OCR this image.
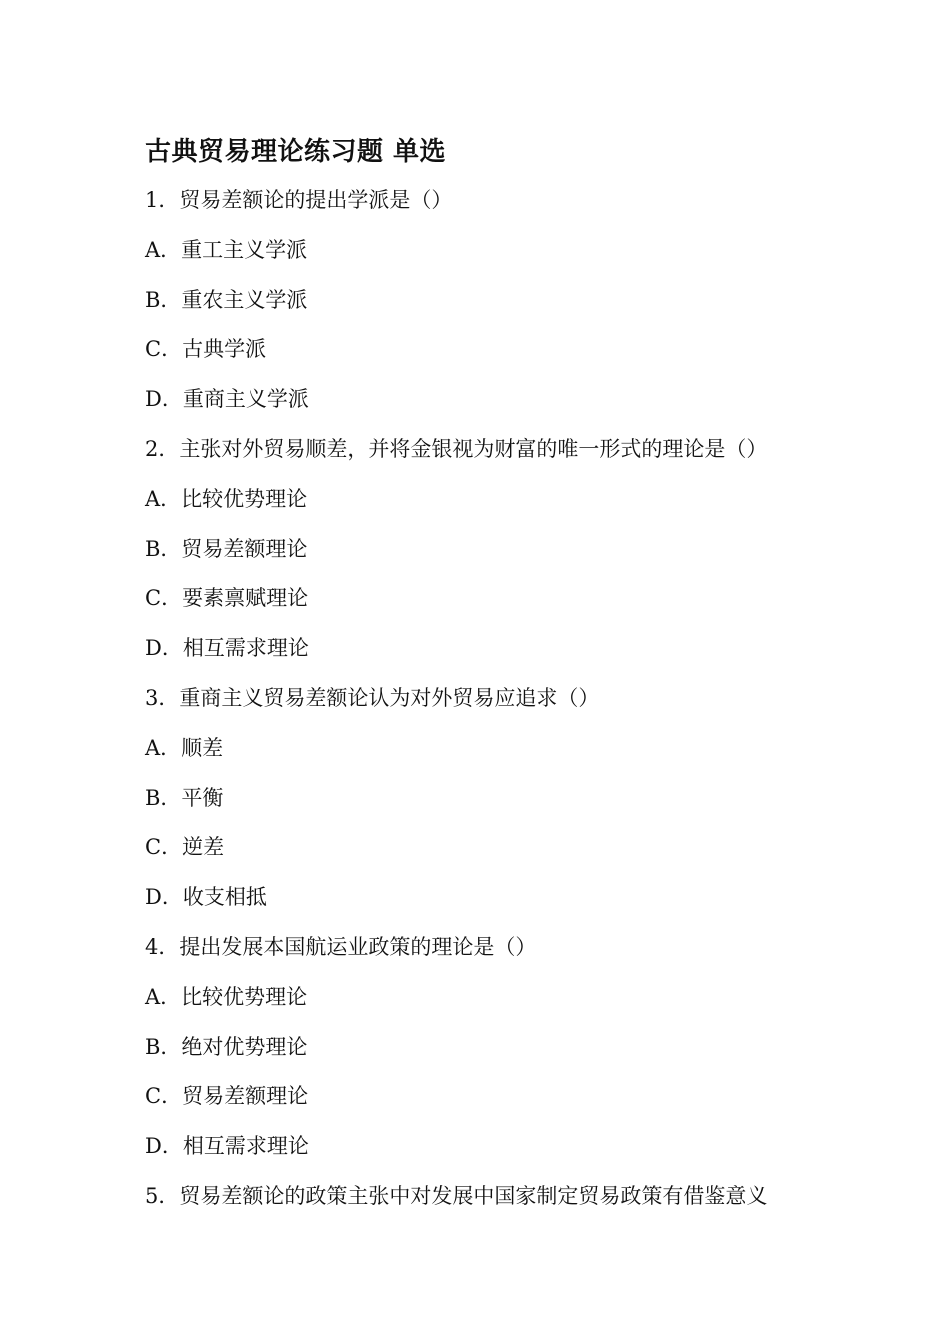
古典贸易理论练习题 单选

1．贸易差额论的提出学派是（）

A．重工主义学派

B．重农主义学派

C．古典学派

D．重商主义学派

2．主张对外贸易顺差，并将金银视为财富的唯一形式的理论是（）

A．比较优势理论

B．贸易差额理论

C．要素禀赋理论

D．相互需求理论

3．重商主义贸易差额论认为对外贸易应追求（）

A．顺差

B．平衡

C．逆差

D．收支相抵

4．提出发展本国航运业政策的理论是（）

A．比较优势理论

B．绝对优势理论

C．贸易差额理论

D．相互需求理论

5．贸易差额论的政策主张中对发展中国家制定贸易政策有借鉴意义
